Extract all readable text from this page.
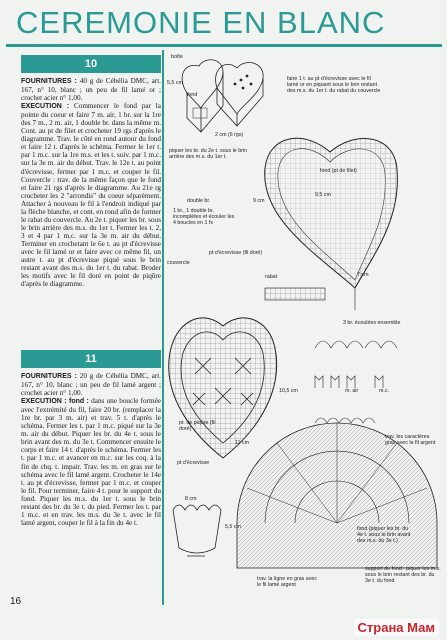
CEREMONIE EN BLANC
10
FOURNITURES : 40 g de Cébélia DMC, art. 167, n° 10, blanc ; un peu de fil lamé or ; crochet acier n° 1,00.
EXECUTION : Commencer le fond par la pointe du coeur et faire 7 m. air, 1 br. sur la 1re des 7 m., 2 m. air, 1 double br. dans la même m. Cont. au pt de filet et crocheter 19 rgs d'après le diagramme. Trav. le côté en rond autour du fond et faire 12 t. d'après le schéma. Fermer le 1er t. par 1 m.c. sur la 1re m.s. et les t. suiv. par 1 m.c. sur la 3e m. air du début. Trav. le 12e t. au point d'écrevisse, fermer par 1 m.c. et couper le fil. Couvercle : trav. de la même façon que le fond et faire 21 rgs d'après le diagramme. Au 21e rg crocheter les 2 "arrondis" du coeur séparément. Attacher à nouveau le fil à l'endroit indiqué par la flèche blanche, et cont. en rond afin de former le rabat du couvercle. Au 2e t. piquer les br. sous le brin arrière des m.s. du 1er t. Fermer les t. 2, 3 et 4 par 1 m.c. sur la 3e m. air du début. Terminer en crochetant le 6e t. au pt d'écrevisse avec le fil lamé or et faire avec ce même fil, un autre t. au pt d'écrevisse piqué sous le brin restant avant des m.s. du 1er t. du rabat. Broder les motifs avec le fil doré en point de piqûre d'après le diagramme.
11
FOURNITURES : 20 g de Cébélia DMC, art. 167, n° 10, blanc ; un peu de fil lamé argent ; crochet acier n° 1,00.
EXECUTION : fond : dans une boucle formée avec l'extrémité du fil, faire 20 br. (remplacer la 1re br. par 3 m. air) et trav. 5 t. d'après le schéma. Fermer les t. par 1 m.c. piqué sur la 3e m. air du début. Piquer les br. du 4e t. sous le brin avant des m. du 3e t. Commencer ensuite le corps et faire 14 t. d'après le schéma. Fermer les t. par 1 m.c. et avancer en m.c. sur les coq. à la fin de chq. t. impair. Trav. les m. en gras sur le schéma avec le fil lamé argent. Crocheter le 14e t. au pt d'écrevisse, fermer par 1 m.c. et couper le fil. Pour terminer, faire 4 t. pour le support du fond. Piquer les m.s. du 1er t. sous le brin restant des br. du 3e t. du pied. Fermer les t. par 1 m.c. et en trav. les m.s. du 3e t. avec le fil lamé argent, couper le fil à la fin du 4e t.
16
boîte
fond
5,5 cm
2 cm (6 rgs)
faire 1 t. au pt d'écrevisse avec le fil lamé or en piquant sous le brin restant des m.s. du 1er t. du rabat du couvercle
piquer les br. du 2e t. sous le brin arrière des m.s. du 1er t.
fond (pt de filet)
9 cm
9,5 cm
double br.
1 br., 1 double br. incomplètes et écouler les 4 boucles en 1 fs
couvercle
pt d'écrevisse (fil doré)
rabat	7 cm
10,5 cm
11 cm
pt. de piqûre (fil doré)
3 br. écoulées ensemble
trav. les caractères gras avec le fil argent
pt d'écrevisse
8 cm
5,5 cm	fond (piquer les br. du 4e t. sous le brin avant des m.s. du 3e t.)
trav. la ligne en gras avec le fil lamé argent
support du fond : piquer les m.s. sous le brin restant des br. du 3e t. du fond
m. air	m.c.
Страна Мам
